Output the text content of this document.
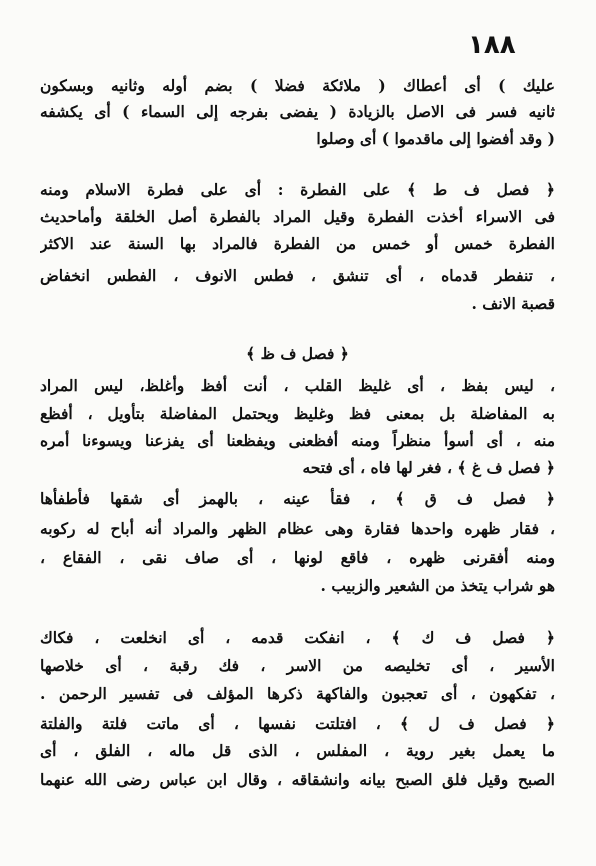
١٨٨
عليك ) أى أعطاك ( ملائكة فضلا ) بضم أوله وثانيه وبسكون
ثانيه فسر فى الاصل بالزيادة ( يفضى بفرجه إلى السماء ) أى يكشفه
( وقد أفضوا إلى ماقدموا ) أى وصلوا
﴿ فصل ف ط ﴾ على الفطرة : أى على فطرة الاسلام ومنه
فى الاسراء أخذت الفطرة وقيل المراد بالفطرة أصل الخلقة وأماحديث
الفطرة خمس أو خمس من الفطرة فالمراد بها السنة عند الاكثر
، تنفطر قدماه ، أى تنشق ، فطس الانوف ، الفطس انخفاض
قصبة الانف .
﴿ فصل ف ظ ﴾
، ليس بفظ ، أى غليظ القلب ، أنت أفظ وأغلظ، ليس المراد
به المفاضلة بل بمعنى فظ وغليظ ويحتمل المفاضلة بتأويل ، أفظع
منه ، أى أسوأ منظراً ومنه أفظعنى ويفظعنا أى يفزعنا ويسوءنا أمره
﴿ فصل ف غ ﴾ ، فغر لها فاه ، أى فتحه
﴿ فصل ف ق ﴾ ، فقأ عينه ، بالهمز أى شقها فأطفأها
، فقار ظهره واحدها فقارة وهى عظام الظهر والمراد أنه أباح له ركوبه
ومنه أفقرنى ظهره ، فاقع لونها ، أى صاف نقى ، الفقاع ،
هو شراب يتخذ من الشعير والزبيب .
﴿ فصل ف ك ﴾ ، انفكت قدمه ، أى انخلعت ، فكاك
الأسير ، أى تخليصه من الاسر ، فك رقبة ، أى خلاصها
، تفكهون ، أى تعجبون والفاكهة ذكرها المؤلف فى تفسير الرحمن .
﴿ فصل ف ل ﴾ ، افتلتت نفسها ، أى ماتت فلتة والفلتة
ما يعمل بغير روية ، المفلس ، الذى قل ماله ، الفلق ، أى
الصبح وقيل فلق الصبح بيانه وانشقاقه ، وقال ابن عباس رضى الله عنهما
